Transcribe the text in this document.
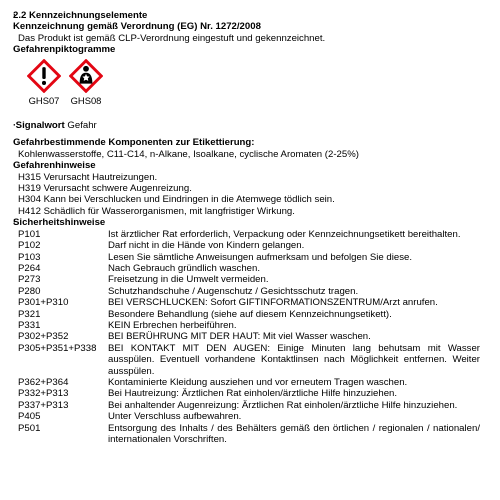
· 2.2 Kennzeichnungselemente
· Kennzeichnung gemäß Verordnung (EG) Nr. 1272/2008
Das Produkt ist gemäß CLP-Verordnung eingestuft und gekennzeichnet.
· Gefahrenpiktogramme
GHS07 GHS08
· Signalwort Gefahr
· Gefahrbestimmende Komponenten zur Etikettierung:
Kohlenwasserstoffe, C11-C14, n-Alkane, Isoalkane, cyclische Aromaten (2-25%)
· Gefahrenhinweise
H315 Verursacht Hautreizungen.
H319 Verursacht schwere Augenreizung.
H304 Kann bei Verschlucken und Eindringen in die Atemwege tödlich sein.
H412 Schädlich für Wasserorganismen, mit langfristiger Wirkung.
· Sicherheitshinweise
P101	Ist ärztlicher Rat erforderlich, Verpackung oder Kennzeichnungsetikett bereithalten.
P102	Darf nicht in die Hände von Kindern gelangen.
P103	Lesen Sie sämtliche Anweisungen aufmerksam und befolgen Sie diese.
P264	Nach Gebrauch gründlich waschen.
P273	Freisetzung in die Umwelt vermeiden.
P280	Schutzhandschuhe / Augenschutz / Gesichtsschutz tragen.
P301+P310	BEI VERSCHLUCKEN: Sofort GIFTINFORMATIONSZENTRUM/Arzt anrufen.
P321	Besondere Behandlung (siehe auf diesem Kennzeichnungsetikett).
P331	KEIN Erbrechen herbeiführen.
P302+P352	BEI BERÜHRUNG MIT DER HAUT: Mit viel Wasser waschen.
P305+P351+P338	BEI KONTAKT MIT DEN AUGEN: Einige Minuten lang behutsam mit Wasser ausspülen. Eventuell vorhandene Kontaktlinsen nach Möglichkeit entfernen. Weiter ausspülen.
P362+P364	Kontaminierte Kleidung ausziehen und vor erneutem Tragen waschen.
P332+P313	Bei Hautreizung: Ärztlichen Rat einholen/ärztliche Hilfe hinzuziehen.
P337+P313	Bei anhaltender Augenreizung: Ärztlichen Rat einholen/ärztliche Hilfe hinzuziehen.
P405	Unter Verschluss aufbewahren.
P501	Entsorgung des Inhalts / des Behälters gemäß den örtlichen / regionalen / nationalen/ internationalen Vorschriften.
